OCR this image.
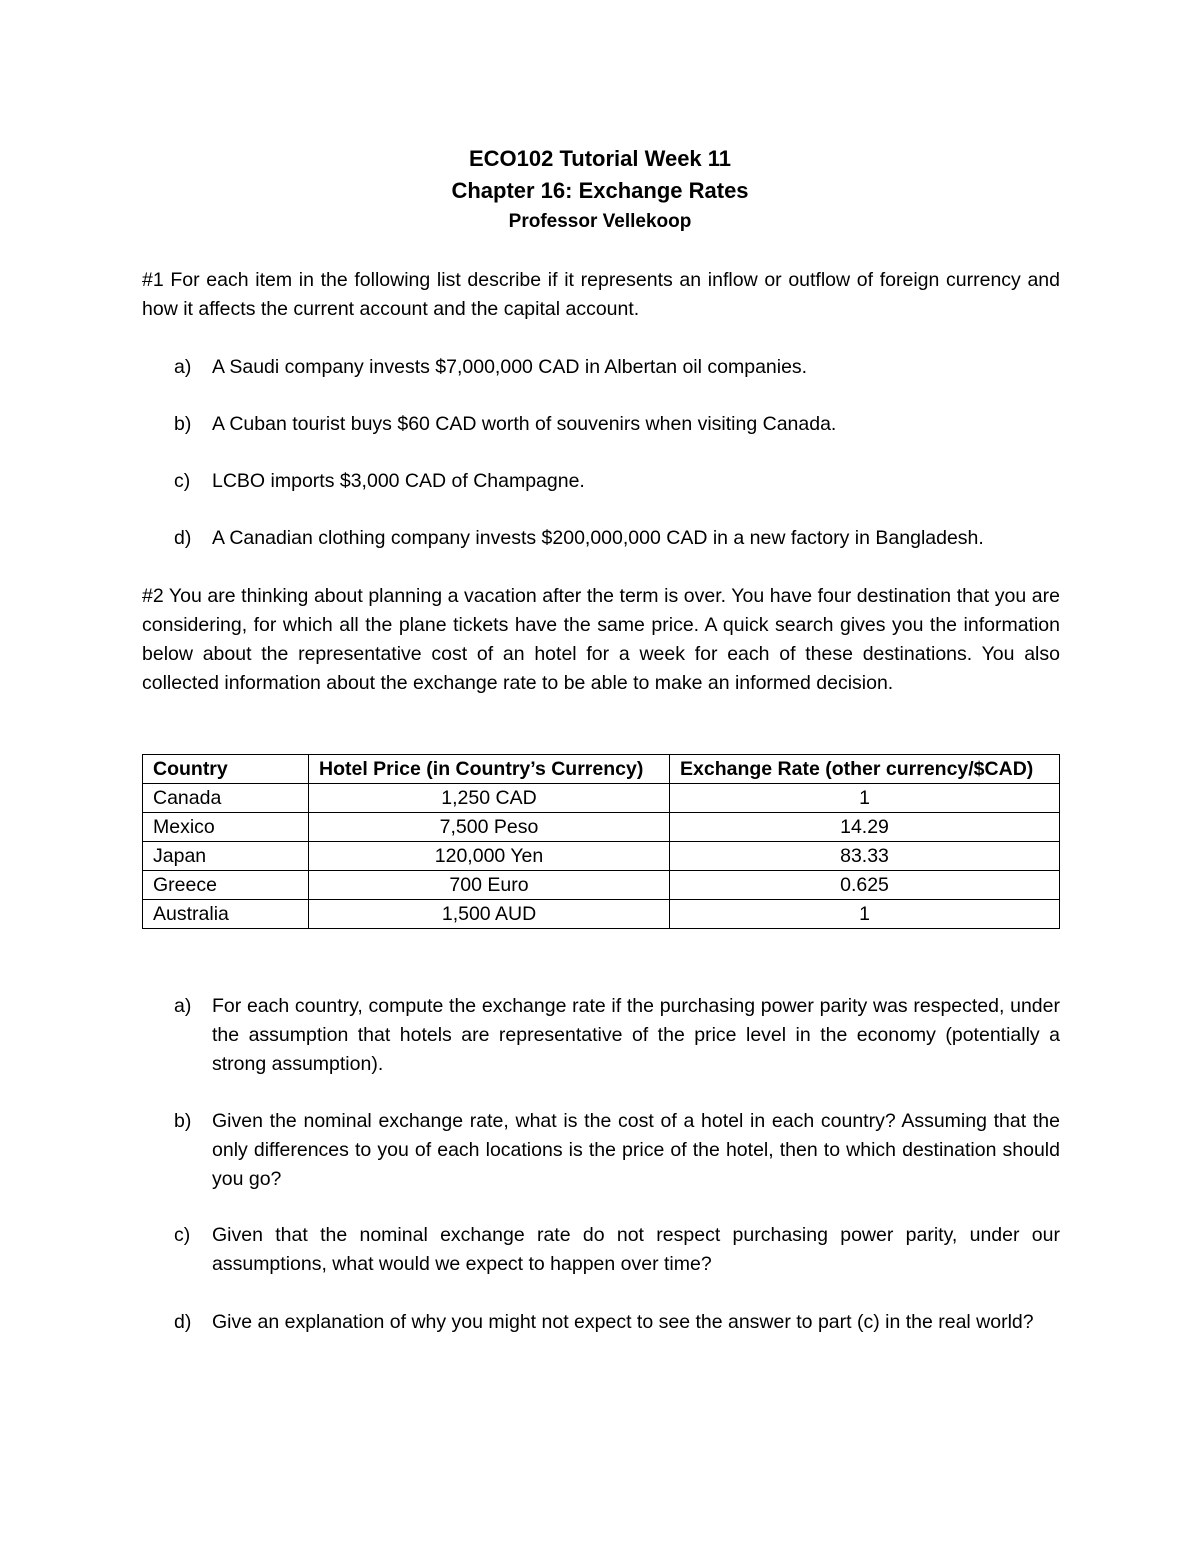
ECO102 Tutorial Week 11
Chapter 16: Exchange Rates
Professor Vellekoop

#1 For each item in the following list describe if it represents an inflow or outflow of foreign currency and how it affects the current account and the capital account.

a)	A Saudi company invests $7,000,000 CAD in Albertan oil companies.
b)	A Cuban tourist buys $60 CAD worth of souvenirs when visiting Canada.
c)	LCBO imports $3,000 CAD of Champagne.
d)	A Canadian clothing company invests $200,000,000 CAD in a new factory in Bangladesh.

#2 You are thinking about planning a vacation after the term is over. You have four destination that you are considering, for which all the plane tickets have the same price. A quick search gives you the information below about the representative cost of an hotel for a week for each of these destinations. You also collected information about the exchange rate to be able to make an informed decision.

Country	Hotel Price (in Country’s Currency)	Exchange Rate (other currency/$CAD)
Canada	1,250 CAD	1
Mexico	7,500 Peso	14.29
Japan	120,000 Yen	83.33
Greece	700 Euro	0.625
Australia	1,500 AUD	1
a)	For each country, compute the exchange rate if the purchasing power parity was respected, under the assumption that hotels are representative of the price level in the economy (potentially a strong assumption).
b)	Given the nominal exchange rate, what is the cost of a hotel in each country? Assuming that the only differences to you of each locations is the price of the hotel, then to which destination should you go?
c)	Given that the nominal exchange rate do not respect purchasing power parity, under our assumptions, what would we expect to happen over time?
d)	Give an explanation of why you might not expect to see the answer to part (c) in the real world?
